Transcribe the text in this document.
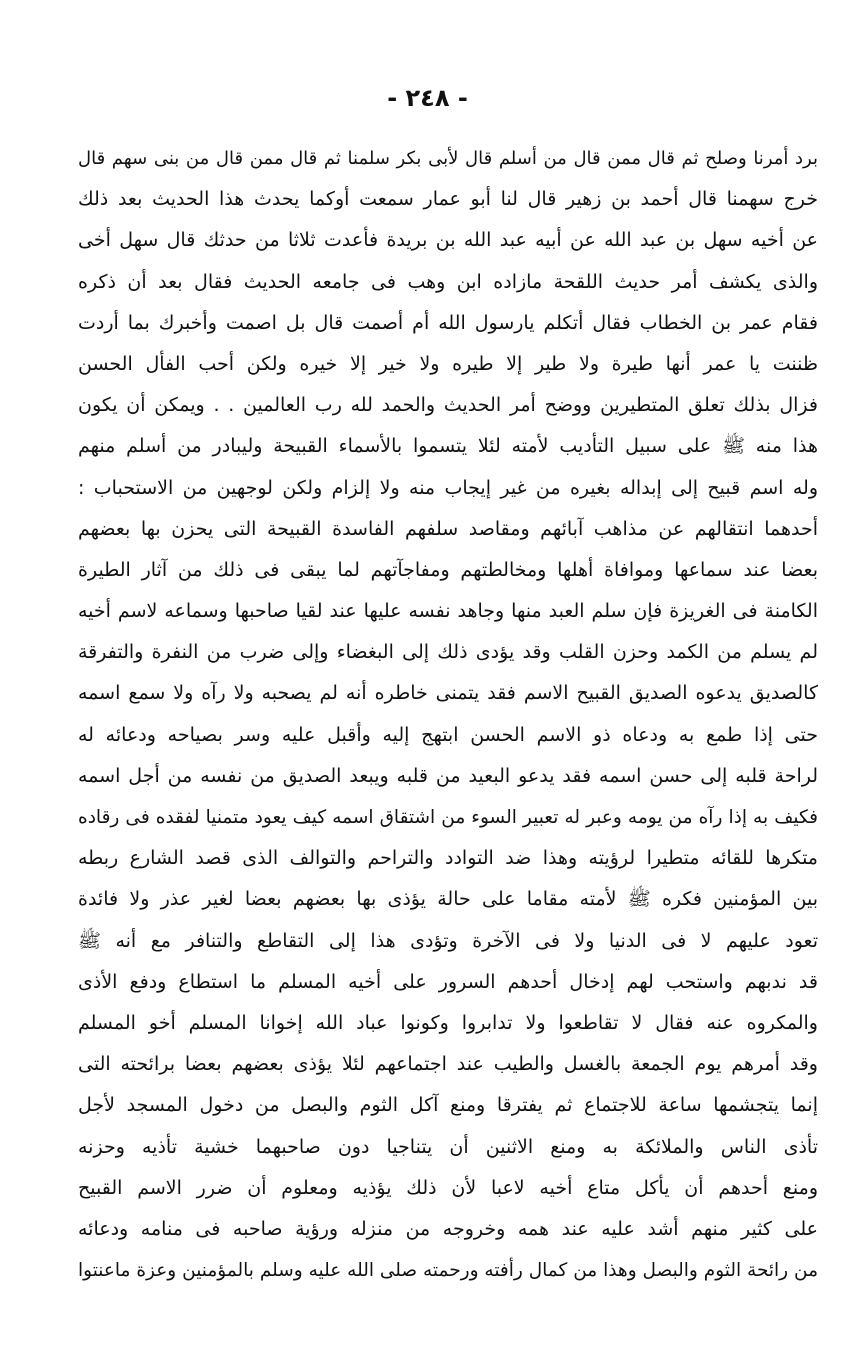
- ٢٤٨ -
برد أمرنا وصلح ثم قال ممن قال من أسلم قال لأبى بكر سلمنا ثم قال ممن قال من بنى سهم قال
خرج سهمنا قال أحمد بن زهير قال لنا أبو عمار سمعت أوكما يحدث هذا الحديث بعد ذلك
عن أخيه سهل بن عبد الله عن أبيه عبد الله بن بريدة فأعدت ثلاثا من حدثك قال سهل أخى
والذى يكشف أمر حديث اللقحة مازاده ابن وهب فى جامعه الحديث فقال بعد أن ذكره
فقام عمر بن الخطاب فقال أتكلم يارسول الله أم أصمت قال بل اصمت وأخبرك بما أردت
ظننت يا عمر أنها طيرة ولا طير إلا طيره ولا خير إلا خيره ولكن أحب الفأل الحسن
فزال بذلك تعلق المتطيرين ووضح أمر الحديث والحمد لله رب العالمين . . ويمكن أن يكون
هذا منه ﷺ على سبيل التأديب لأمته لئلا يتسموا بالأسماء القبيحة وليبادر من أسلم منهم
وله اسم قبيح إلى إبداله بغيره من غير إيجاب منه ولا إلزام ولكن لوجهين من الاستحباب :
أحدهما انتقالهم عن مذاهب آبائهم ومقاصد سلفهم الفاسدة القبيحة التى يحزن بها بعضهم
بعضا عند سماعها وموافاة أهلها ومخالطتهم ومفاجآتهم لما يبقى فى ذلك من آثار الطيرة
الكامنة فى الغريزة فإن سلم العبد منها وجاهد نفسه عليها عند لقيا صاحبها وسماعه لاسم أخيه
لم يسلم من الكمد وحزن القلب وقد يؤدى ذلك إلى البغضاء وإلى ضرب من النفرة والتفرقة
كالصديق يدعوه الصديق القبيح الاسم فقد يتمنى خاطره أنه لم يصحبه ولا رآه ولا سمع اسمه
حتى إذا طمع به ودعاه ذو الاسم الحسن ابتهج إليه وأقبل عليه وسر بصياحه ودعائه له
لراحة قلبه إلى حسن اسمه فقد يدعو البعيد من قلبه ويبعد الصديق من نفسه من أجل اسمه
فكيف به إذا رآه من يومه وعبر له تعبير السوء من اشتقاق اسمه كيف يعود متمنيا لفقده فى رقاده
متكرها للقائه متطيرا لرؤيته وهذا ضد التوادد والتراحم والتوالف الذى قصد الشارع ربطه
بين المؤمنين فكره ﷺ لأمته مقاما على حالة يؤذى بها بعضهم بعضا لغير عذر ولا فائدة
تعود عليهم لا فى الدنيا ولا فى الآخرة وتؤدى هذا إلى التقاطع والتنافر مع أنه ﷺ
قد ندبهم واستحب لهم إدخال أحدهم السرور على أخيه المسلم ما استطاع ودفع الأذى
والمكروه عنه فقال لا تقاطعوا ولا تدابروا وكونوا عباد الله إخوانا المسلم أخو المسلم
وقد أمرهم يوم الجمعة بالغسل والطيب عند اجتماعهم لئلا يؤذى بعضهم بعضا برائحته التى
إنما يتجشمها ساعة للاجتماع ثم يفترقا ومنع آكل الثوم والبصل من دخول المسجد لأجل
تأذى الناس والملائكة به ومنع الاثنين أن يتناجيا دون صاحبهما خشية تأذيه وحزنه
ومنع أحدهم أن يأكل متاع أخيه لاعبا لأن ذلك يؤذيه ومعلوم أن ضرر الاسم القبيح
على كثير منهم أشد عليه عند همه وخروجه من منزله ورؤية صاحبه فى منامه ودعائه
من رائحة الثوم والبصل وهذا من كمال رأفته ورحمته صلى الله عليه وسلم بالمؤمنين وعزة ماعنتوا
